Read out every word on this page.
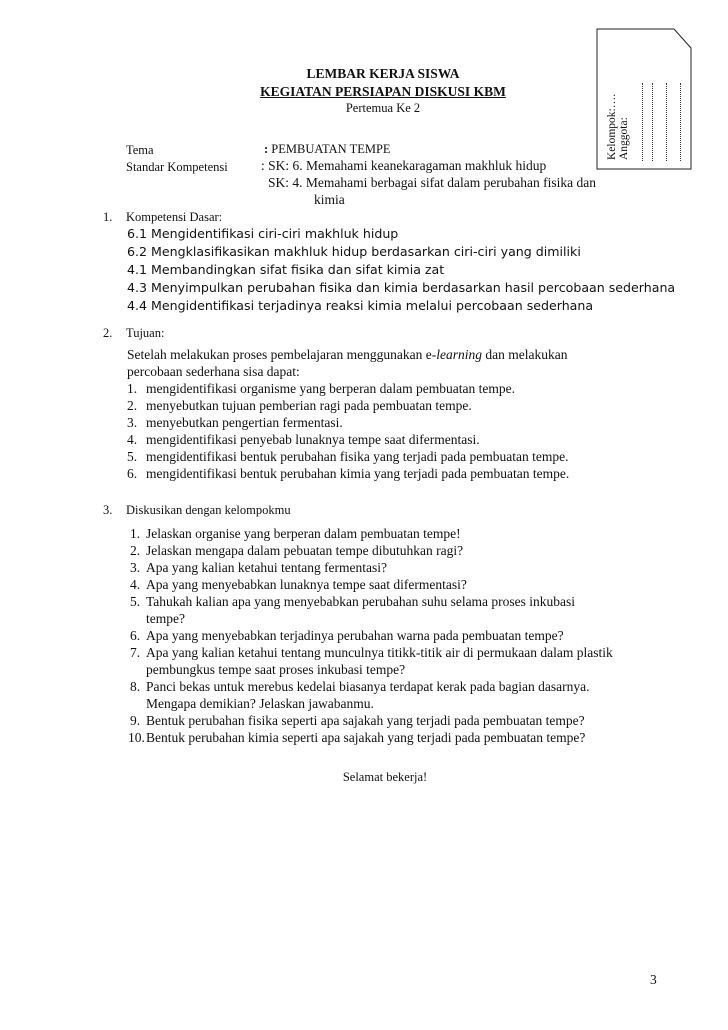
LEMBAR KERJA SISWA
KEGIATAN PERSIAPAN DISKUSI KBM
Pertemua Ke 2	Kelompok:…. Anggota:
Tema	: PEMBUATAN TEMPE
Standar Kompetensi : SK: 6. Memahami keanekaragaman makhluk hidup
SK: 4. Memahami berbagai sifat dalam perubahan fisika dan
kimia
1. Kompetensi Dasar:
6.1 Mengidentifikasi ciri-ciri makhluk hidup
6.2 Mengklasifikasikan makhluk hidup berdasarkan ciri-ciri yang dimiliki
4.1 Membandingkan sifat fisika dan sifat kimia zat
4.3 Menyimpulkan perubahan fisika dan kimia berdasarkan hasil percobaan sederhana
4.4 Mengidentifikasi terjadinya reaksi kimia melalui percobaan sederhana
2. Tujuan:
Setelah melakukan proses pembelajaran menggunakan e-learning dan melakukan
percobaan sederhana sisa dapat:
1. mengidentifikasi organisme yang berperan dalam pembuatan tempe.
2. menyebutkan tujuan pemberian ragi pada pembuatan tempe.
3. menyebutkan pengertian fermentasi.
4. mengidentifikasi penyebab lunaknya tempe saat difermentasi.
5. mengidentifikasi bentuk perubahan fisika yang terjadi pada pembuatan tempe.
6. mengidentifikasi bentuk perubahan kimia yang terjadi pada pembuatan tempe.
3. Diskusikan dengan kelompokmu
1. Jelaskan organise yang berperan dalam pembuatan tempe!
2. Jelaskan mengapa dalam pebuatan tempe dibutuhkan ragi?
3. Apa yang kalian ketahui tentang fermentasi?
4. Apa yang menyebabkan lunaknya tempe saat difermentasi?
5. Tahukah kalian apa yang menyebabkan perubahan suhu selama proses inkubasi
tempe?
6. Apa yang menyebabkan terjadinya perubahan warna pada pembuatan tempe?
7. Apa yang kalian ketahui tentang munculnya titikk-titik air di permukaan dalam plastik
pembungkus tempe saat proses inkubasi tempe?
8. Panci bekas untuk merebus kedelai biasanya terdapat kerak pada bagian dasarnya.
Mengapa demikian? Jelaskan jawabanmu.
9. Bentuk perubahan fisika seperti apa sajakah yang terjadi pada pembuatan tempe?
10. Bentuk perubahan kimia seperti apa sajakah yang terjadi pada pembuatan tempe?
Selamat bekerja!
3
